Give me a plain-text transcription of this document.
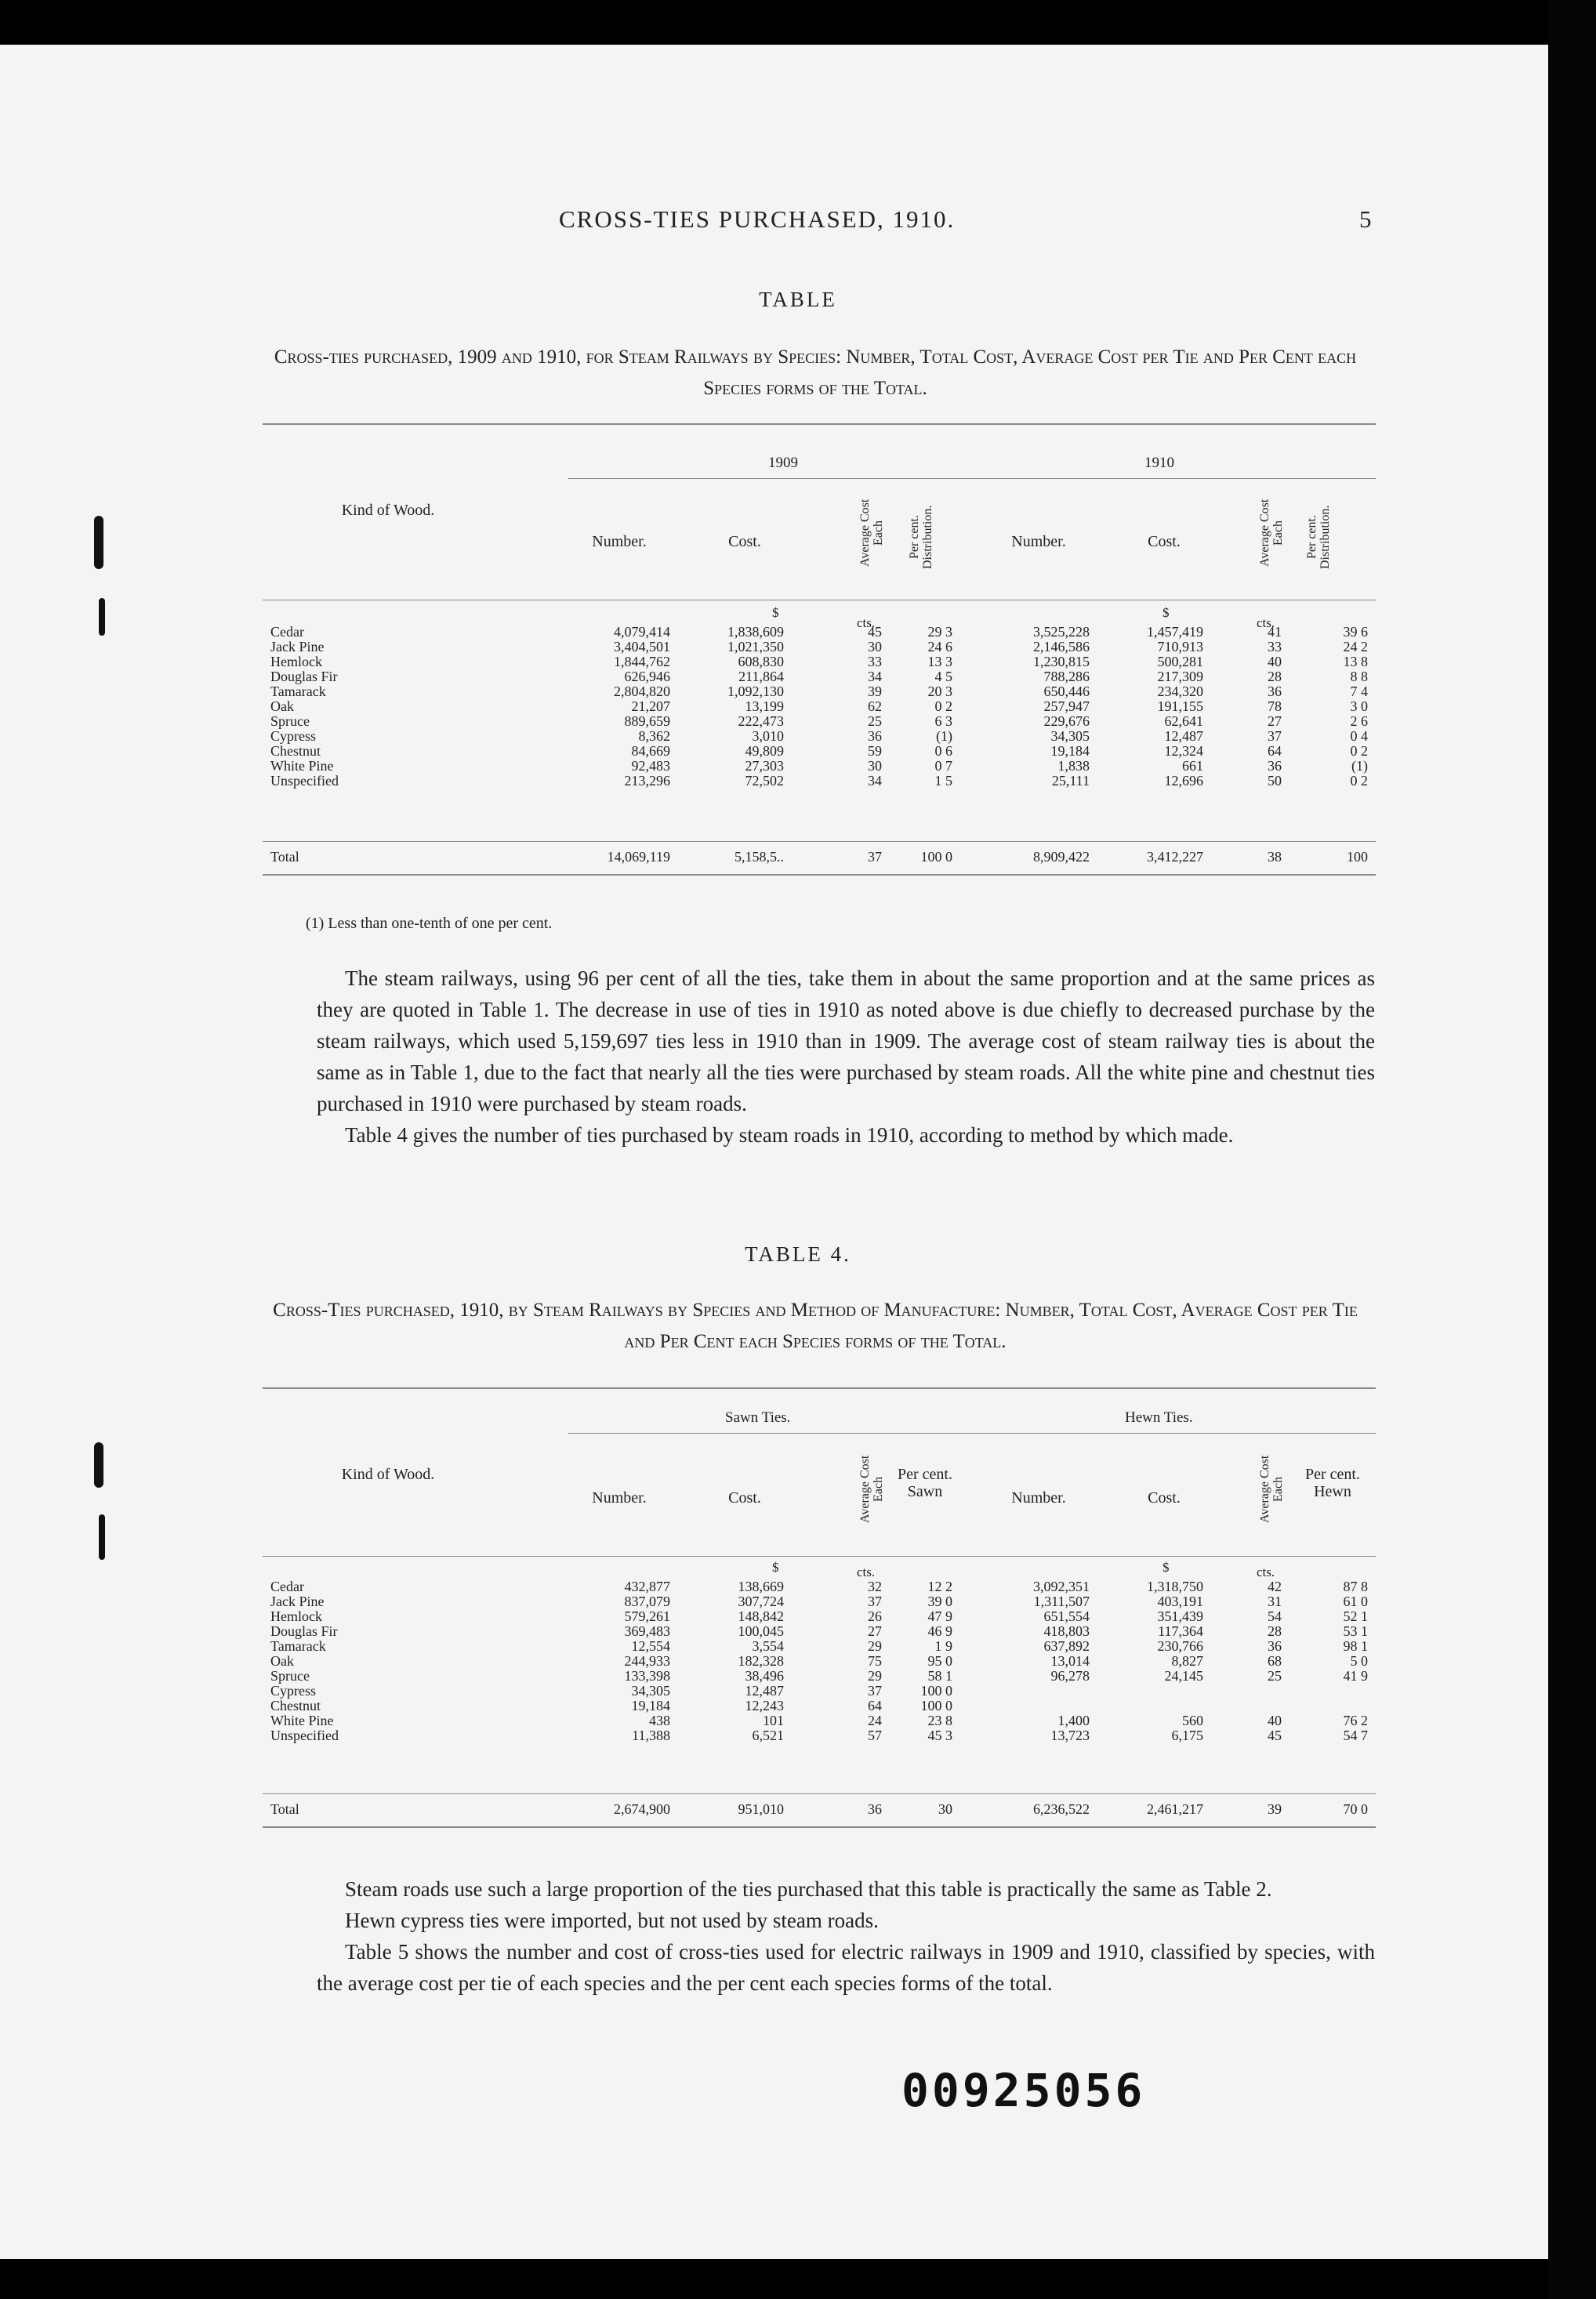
CROSS-TIES PURCHASED, 1910.	5
TABLE
Cross-ties purchased, 1909 and 1910, for Steam Railways by Species: Number, Total Cost, Average Cost per Tie and Per Cent each Species forms of the Total.
1909	1910
Kind of Wood.
Number.	Cost.	Average Cost Each Per cent. Distribution.	Number.	Cost.	Average Cost Each Per cent. Distribution.
$
cts.
$
cts.
Cedar	4,079,414	1,838,609	45	29 3	3,525,228	1,457,419	41	39 6
Jack Pine	3,404,501	1,021,350	30	24 6	2,146,586	710,913	33	24 2
Hemlock	1,844,762	608,830	33	13 3	1,230,815	500,281	40	13 8
Douglas Fir	626,946	211,864	34	4 5	788,286	217,309	28	8 8
Tamarack	2,804,820	1,092,130	39	20 3	650,446	234,320	36	7 4
Oak	21,207	13,199	62	0 2	257,947	191,155	78	3 0
Spruce	889,659	222,473	25	6 3	229,676	62,641	27	2 6
Cypress	8,362	3,010	36	(1)	34,305	12,487	37	0 4
Chestnut	84,669	49,809	59	0 6	19,184	12,324	64	0 2
White Pine	92,483	27,303	30	0 7	1,838	661	36	(1)
Unspecified	213,296	72,502	34	1 5	25,111	12,696	50	0 2
Total	14,069,119	5,158,5..	37	100 0	8,909,422	3,412,227	38	100
(1) Less than one-tenth of one per cent.

The steam railways, using 96 per cent of all the ties, take them in about the same proportion and at the same prices as they are quoted in Table 1. The decrease in use of ties in 1910 as noted above is due chiefly to decreased purchase by the steam railways, which used 5,159,697 ties less in 1910 than in 1909. The average cost of steam railway ties is about the same as in Table 1, due to the fact that nearly all the ties were purchased by steam roads. All the white pine and chestnut ties purchased in 1910 were purchased by steam roads.

Table 4 gives the number of ties purchased by steam roads in 1910, according to method by which made.

TABLE 4.
Cross-Ties purchased, 1910, by Steam Railways by Species and Method of Manufacture: Number, Total Cost, Average Cost per Tie and Per Cent each Species forms of the Total.
Sawn Ties.	Hewn Ties.
Kind of Wood.
Number.	Cost.	Average Cost Each
Per cent. Sawn	Number.	Cost.	Average Cost Each
Per cent. Hewn
$	cts.	$	cts.
Cedar	432,877	138,669	32	12 2	3,092,351	1,318,750	42	87 8
Jack Pine	837,079	307,724	37	39 0	1,311,507	403,191	31	61 0
Hemlock	579,261	148,842	26	47 9	651,554	351,439	54	52 1
Douglas Fir	369,483	100,045	27	46 9	418,803	117,364	28	53 1
Tamarack	12,554	3,554	29	1 9	637,892	230,766	36	98 1
Oak	244,933	182,328	75	95 0	13,014	8,827	68	5 0
Spruce	133,398	38,496	29	58 1	96,278	24,145	25	41 9
Cypress	34,305	12,487	37	100 0
Chestnut	19,184	12,243	64	100 0
White Pine	438	101	24	23 8	1,400	560	40	76 2
Unspecified	11,388	6,521	57	45 3	13,723	6,175	45	54 7
Total	2,674,900	951,010	36	30	6,236,522	2,461,217	39	70 0

Steam roads use such a large proportion of the ties purchased that this table is practically the same as Table 2.

Hewn cypress ties were imported, but not used by steam roads.

Table 5 shows the number and cost of cross-ties used for electric railways in 1909 and 1910, classified by species, with the average cost per tie of each species and the per cent each species forms of the total.

00925056
